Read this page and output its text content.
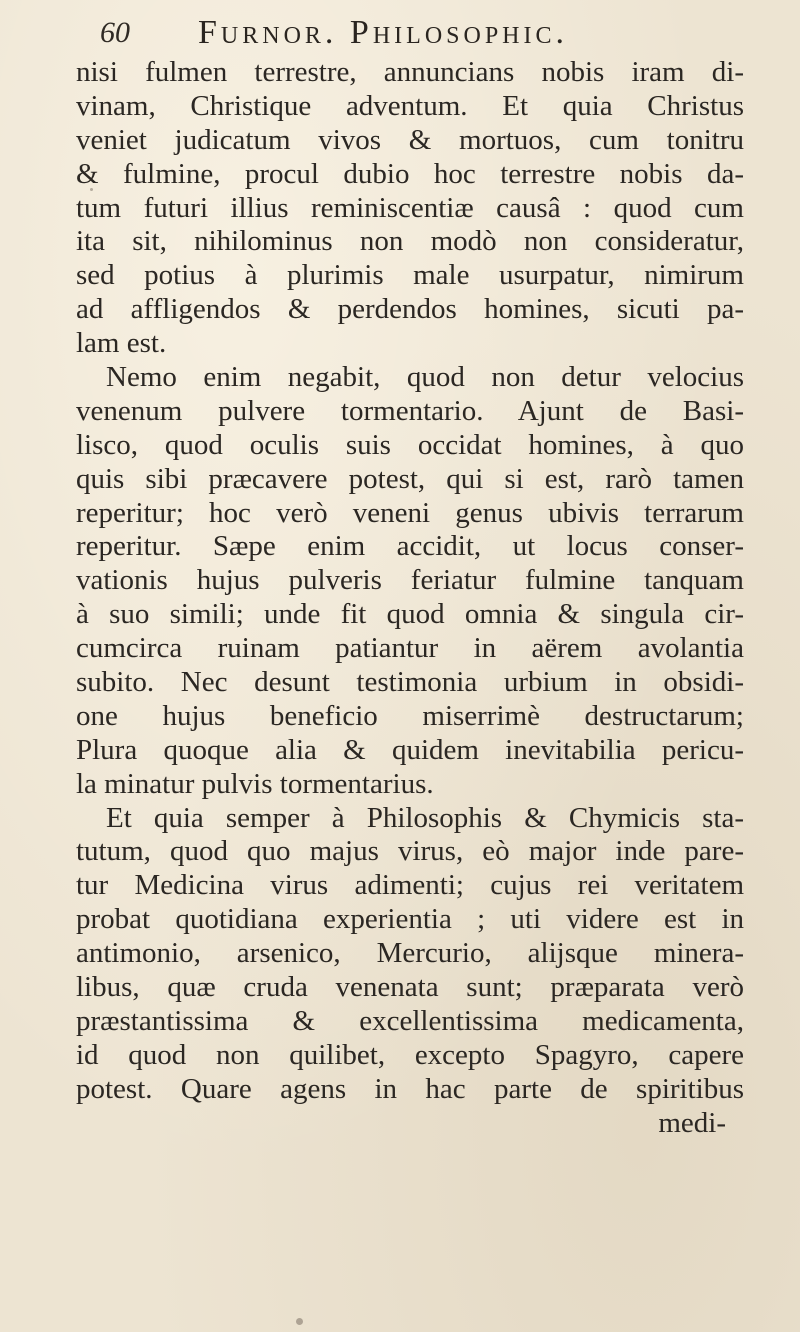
60 Furnor. Philosophic.
nisi fulmen terrestre, annuncians nobis iram di-
vinam, Christique adventum. Et quia Christus
veniet judicatum vivos & mortuos, cum tonitru
& fulmine, procul dubio hoc terrestre nobis da-
tum futuri illius reminiscentiæ causâ : quod cum
ita sit, nihilominus non modò non consideratur,
sed potius à plurimis male usurpatur, nimirum
ad affligendos & perdendos homines, sicuti pa-
lam est.
Nemo enim negabit, quod non detur velocius
venenum pulvere tormentario. Ajunt de Basi-
lisco, quod oculis suis occidat homines, à quo
quis sibi præcavere potest, qui si est, rarò tamen
reperitur; hoc verò veneni genus ubivis terrarum
reperitur. Sæpe enim accidit, ut locus conser-
vationis hujus pulveris feriatur fulmine tanquam
à suo simili; unde fit quod omnia & singula cir-
cumcirca ruinam patiantur in aërem avolantia
subito. Nec desunt testimonia urbium in obsidi-
one hujus beneficio miserrimè destructarum;
Plura quoque alia & quidem inevitabilia pericu-
la minatur pulvis tormentarius.
Et quia semper à Philosophis & Chymicis sta-
tutum, quod quo majus virus, eò major inde pare-
tur Medicina virus adimenti; cujus rei veritatem
probat quotidiana experientia ; uti videre est in
antimonio, arsenico, Mercurio, alijsque minera-
libus, quæ cruda venenata sunt; præparata verò
præstantissima & excellentissima medicamenta,
id quod non quilibet, excepto Spagyro, capere
potest. Quare agens in hac parte de spiritibus
medi-
